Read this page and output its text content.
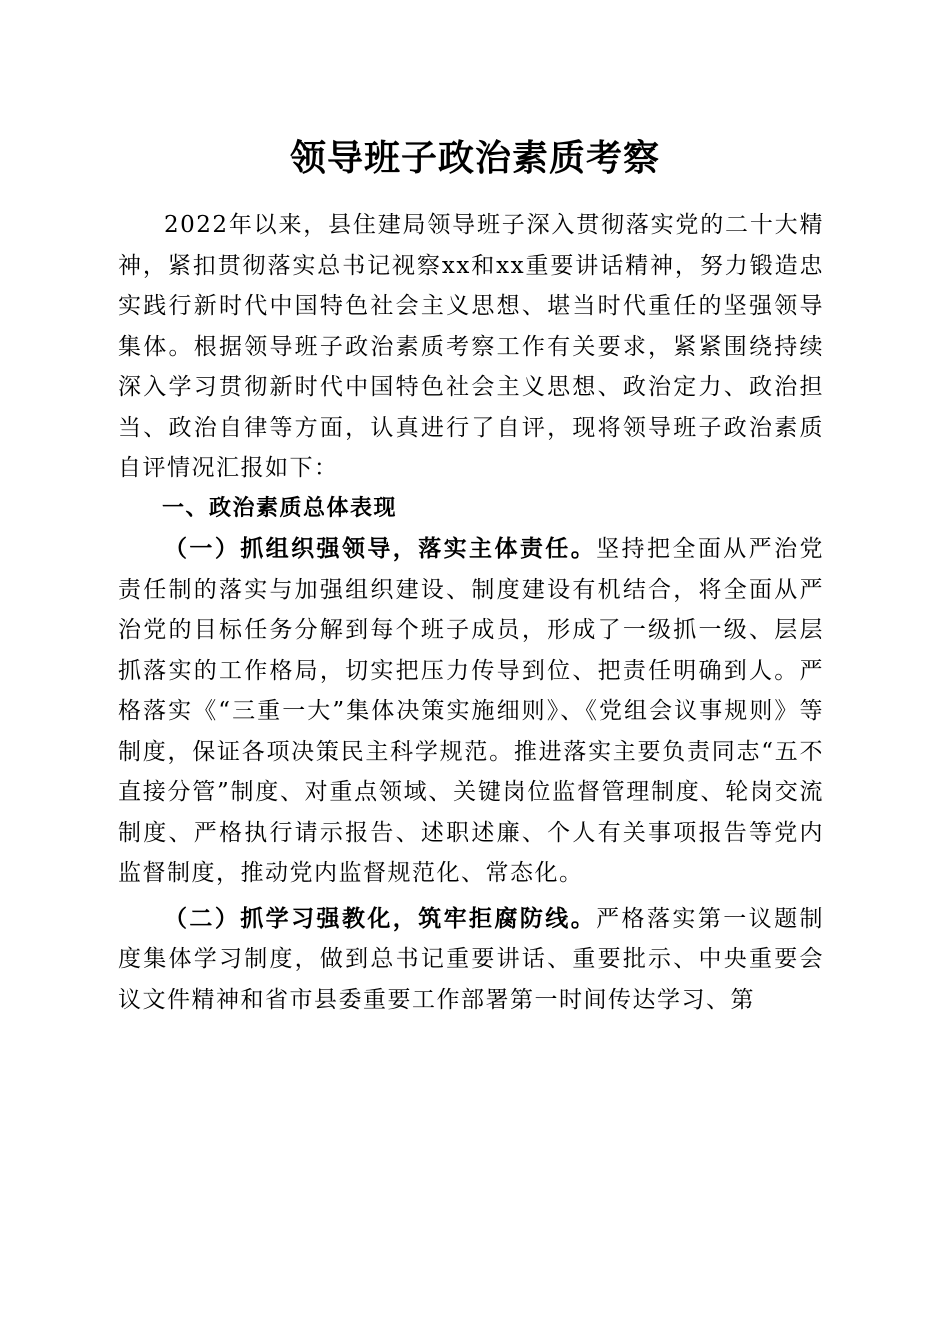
领导班子政治素质考察

2022年以来，县住建局领导班子深入贯彻落实党的二十大精神，紧扣贯彻落实总书记视察xx和xx重要讲话精神，努力锻造忠实践行新时代中国特色社会主义思想、堪当时代重任的坚强领导集体。根据领导班子政治素质考察工作有关要求，紧紧围绕持续深入学习贯彻新时代中国特色社会主义思想、政治定力、政治担当、政治自律等方面，认真进行了自评，现将领导班子政治素质自评情况汇报如下：

一、政治素质总体表现

（一）抓组织强领导，落实主体责任。坚持把全面从严治党责任制的落实与加强组织建设、制度建设有机结合，将全面从严治党的目标任务分解到每个班子成员，形成了一级抓一级、层层抓落实的工作格局，切实把压力传导到位、把责任明确到人。严格落实《“三重一大”集体决策实施细则》、《党组会议事规则》等制度，保证各项决策民主科学规范。推进落实主要负责同志“五不直接分管”制度、对重点领域、关键岗位监督管理制度、轮岗交流制度、严格执行请示报告、述职述廉、个人有关事项报告等党内监督制度，推动党内监督规范化、常态化。

（二）抓学习强教化，筑牢拒腐防线。严格落实第一议题制度集体学习制度，做到总书记重要讲话、重要批示、中央重要会议文件精神和省市县委重要工作部署第一时间传达学习、第
